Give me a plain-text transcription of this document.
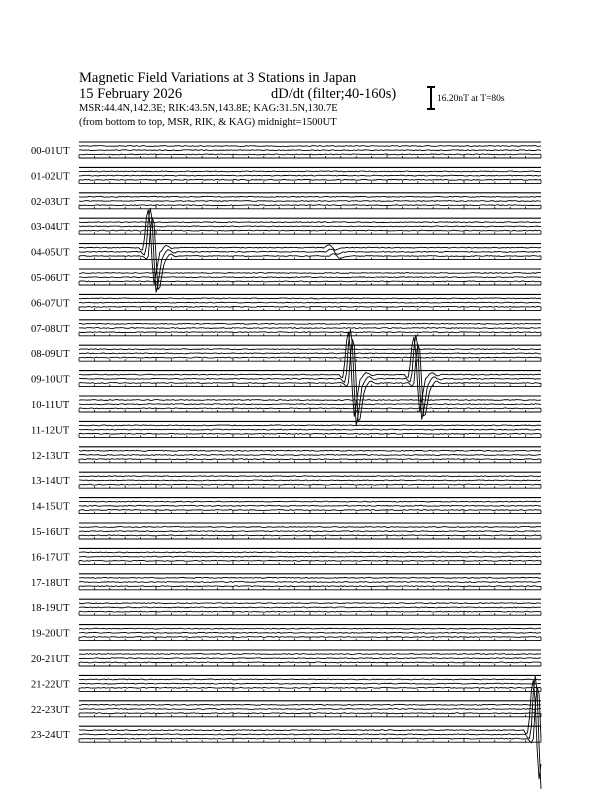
Magnetic Field Variations at 3 Stations in Japan
15 February 2026	dD/dt (filter;40-160s)
MSR:44.4N,142.3E; RIK:43.5N,143.8E; KAG:31.5N,130.7E
(from bottom to top, MSR, RIK, & KAG) midnight=1500UT
16.20nT at T=80s
00-01UT
01-02UT
02-03UT
03-04UT
04-05UT
05-06UT
06-07UT
07-08UT
08-09UT
09-10UT
10-11UT
11-12UT
12-13UT
13-14UT
14-15UT
15-16UT
16-17UT
17-18UT
18-19UT
19-20UT
20-21UT
21-22UT
22-23UT
23-24UT
